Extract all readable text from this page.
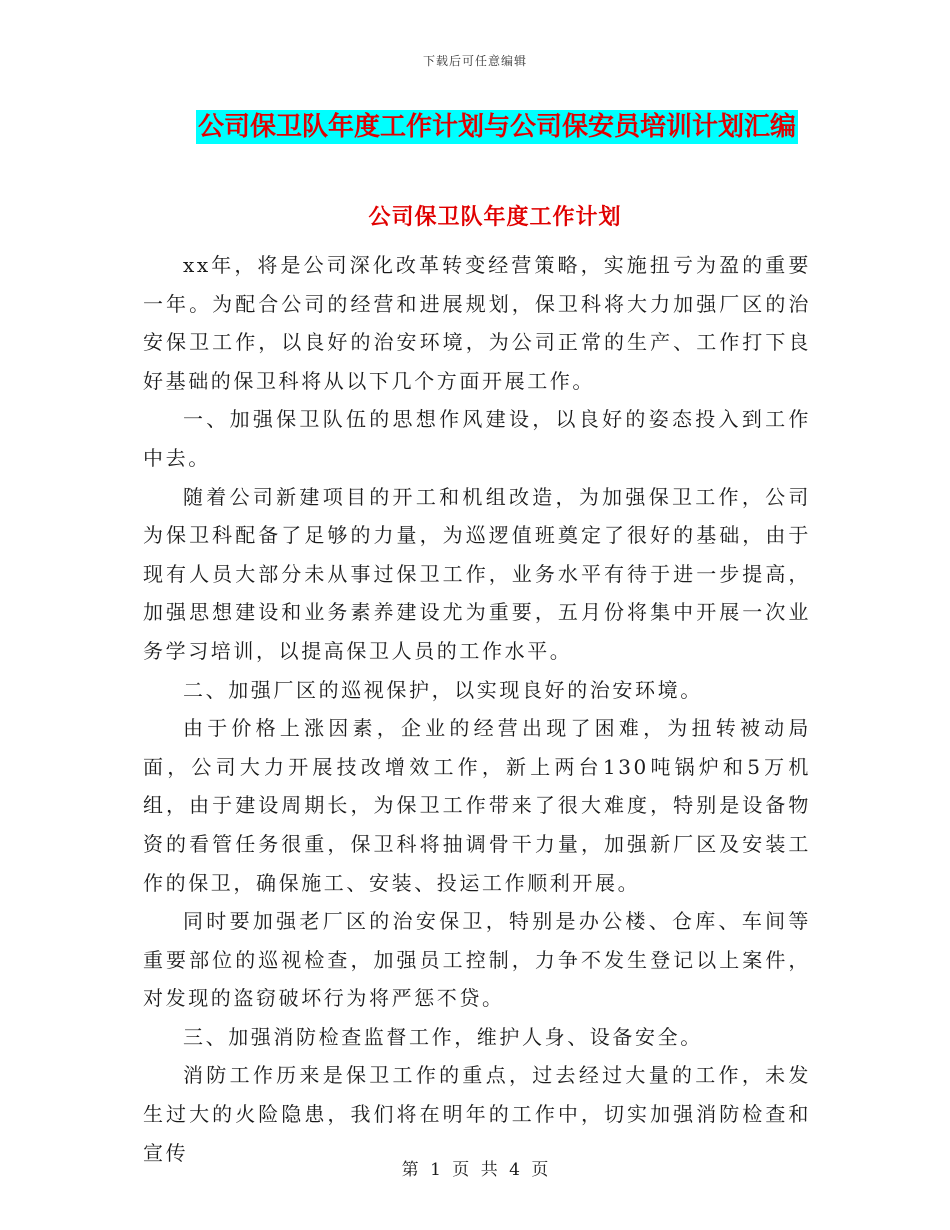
下载后可任意编辑
公司保卫队年度工作计划与公司保安员培训计划汇编
公司保卫队年度工作计划

xx年，将是公司深化改革转变经营策略，实施扭亏为盈的重要一年。为配合公司的经营和进展规划，保卫科将大力加强厂区的治安保卫工作，以良好的治安环境，为公司正常的生产、工作打下良好基础的保卫科将从以下几个方面开展工作。

一、加强保卫队伍的思想作风建设，以良好的姿态投入到工作中去。

随着公司新建项目的开工和机组改造，为加强保卫工作，公司为保卫科配备了足够的力量，为巡逻值班奠定了很好的基础，由于现有人员大部分未从事过保卫工作，业务水平有待于进一步提高，加强思想建设和业务素养建设尤为重要，五月份将集中开展一次业务学习培训，以提高保卫人员的工作水平。

二、加强厂区的巡视保护，以实现良好的治安环境。

由于价格上涨因素，企业的经营出现了困难，为扭转被动局面，公司大力开展技改增效工作，新上两台130吨锅炉和5万机组，由于建设周期长，为保卫工作带来了很大难度，特别是设备物资的看管任务很重，保卫科将抽调骨干力量，加强新厂区及安装工作的保卫，确保施工、安装、投运工作顺利开展。

同时要加强老厂区的治安保卫，特别是办公楼、仓库、车间等重要部位的巡视检查，加强员工控制，力争不发生登记以上案件，对发现的盗窃破坏行为将严惩不贷。

三、加强消防检查监督工作，维护人身、设备安全。

消防工作历来是保卫工作的重点，过去经过大量的工作，未发生过大的火险隐患，我们将在明年的工作中，切实加强消防检查和宣传

第 1 页 共 4 页
